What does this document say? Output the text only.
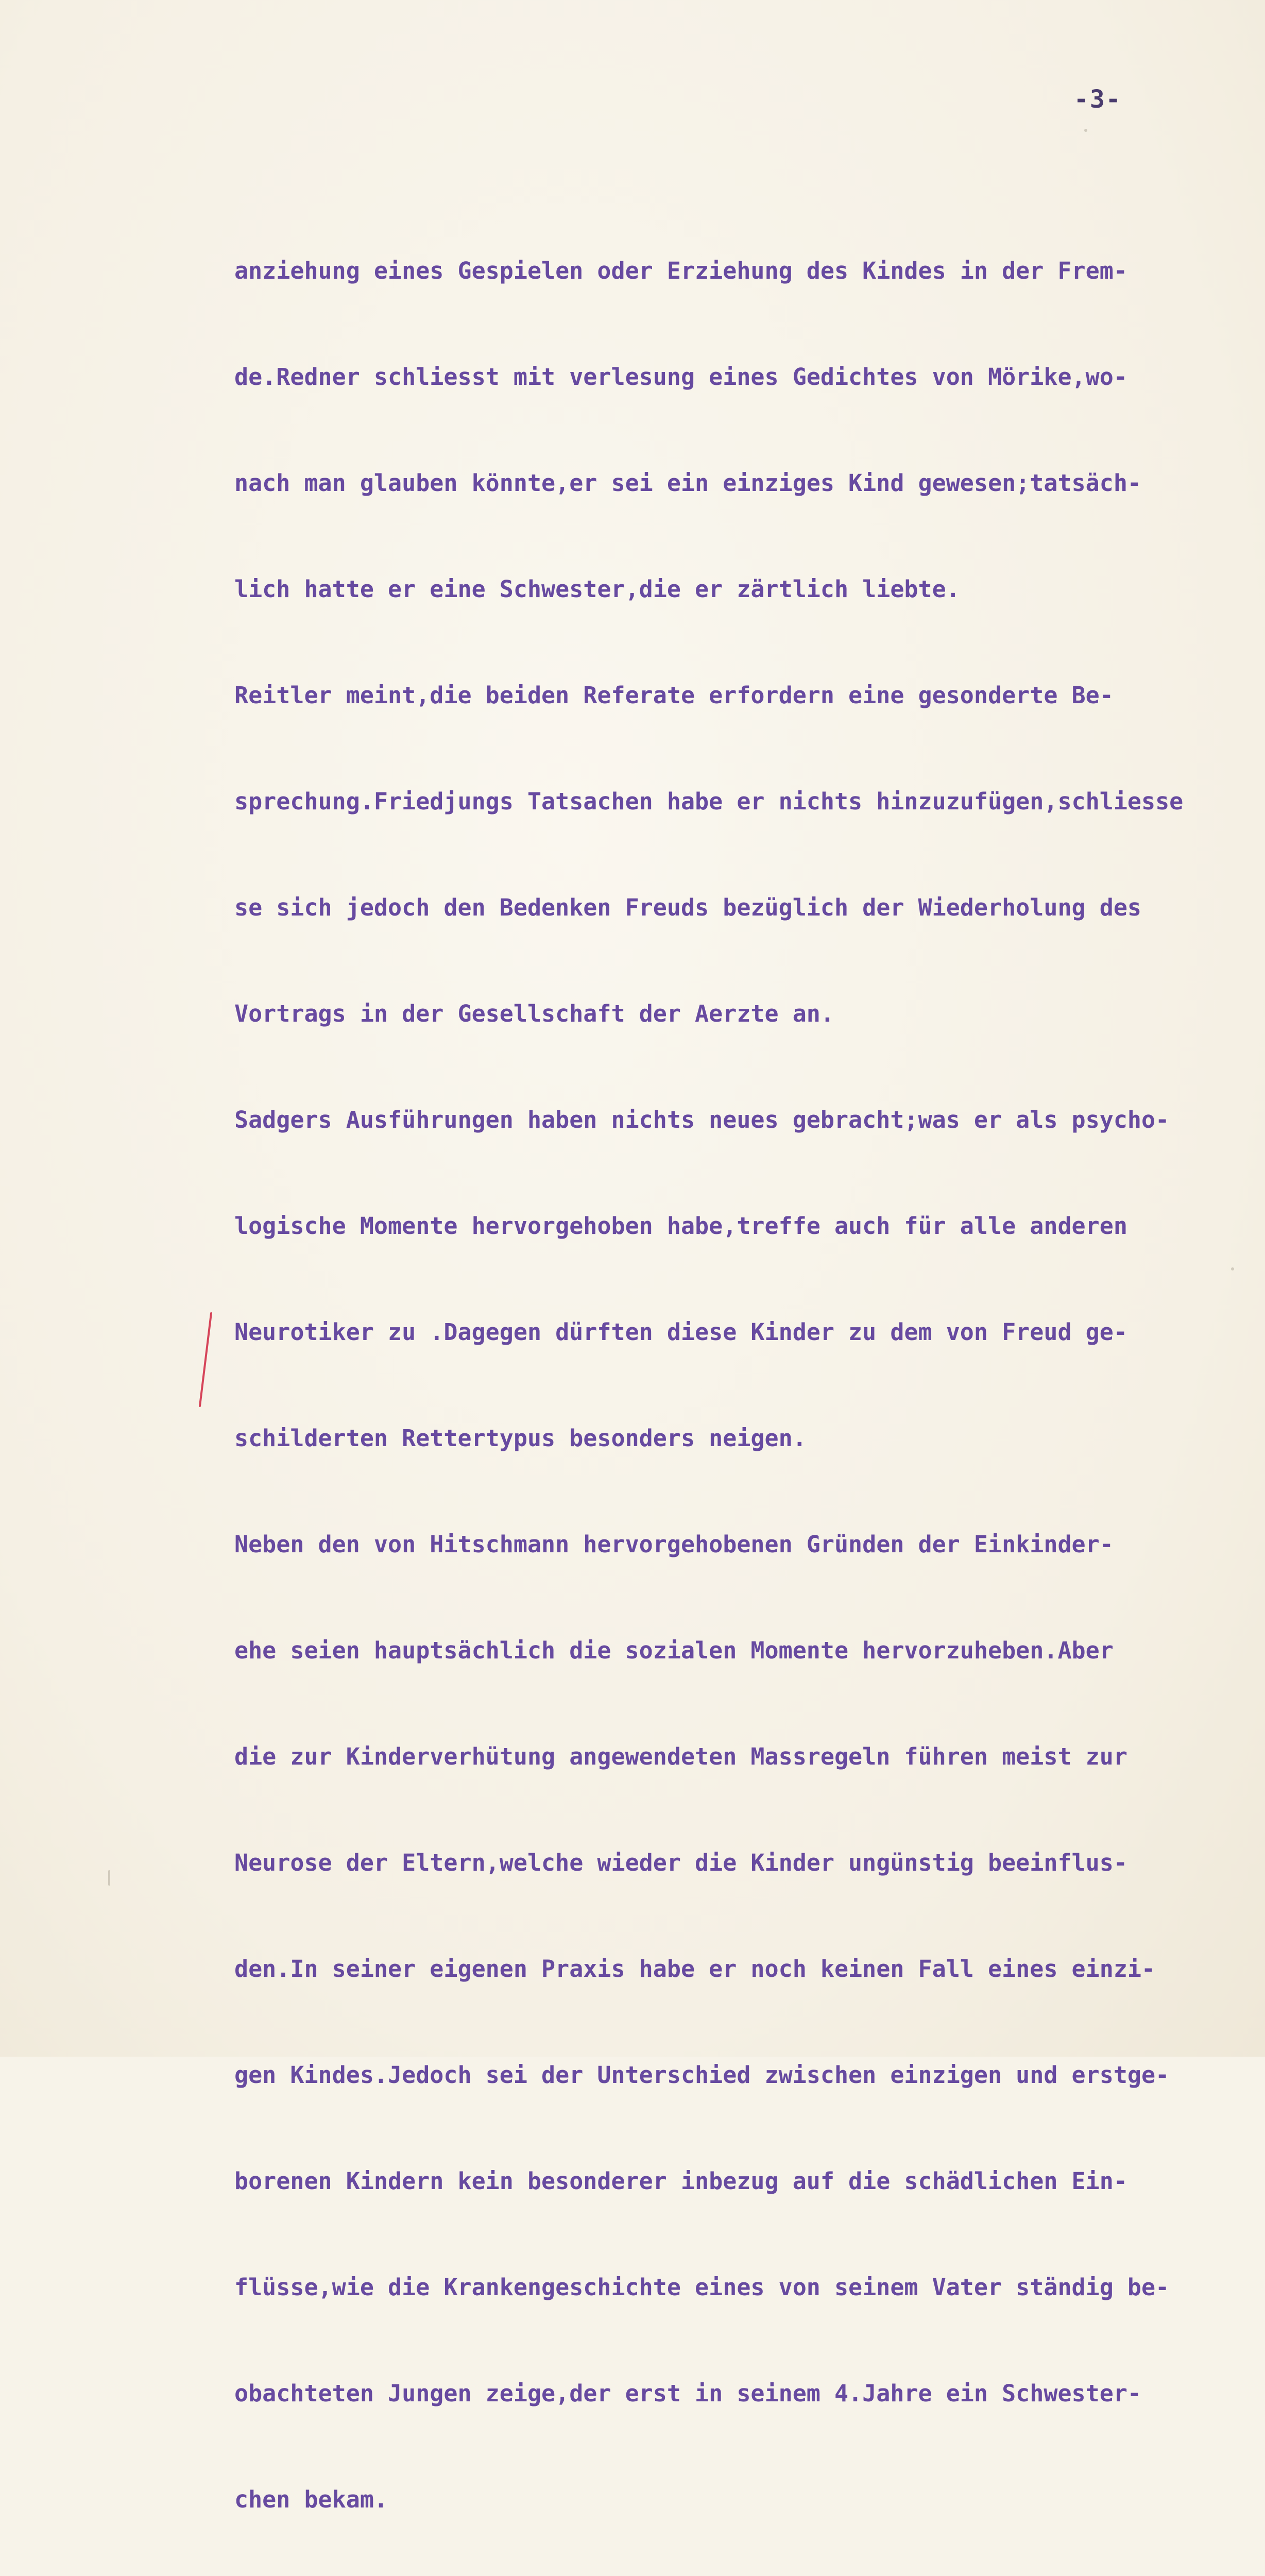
-3-

anziehung eines Gespielen oder Erziehung des Kindes in der Frem-

de.Redner schliesst mit verlesung eines Gedichtes von Mörike,wo-

nach man glauben könnte,er sei ein einziges Kind gewesen;tatsäch-

lich hatte er eine Schwester,die er zärtlich liebte.

Reitler meint,die beiden Referate erfordern eine gesonderte Be-

sprechung.Friedjungs Tatsachen habe er nichts hinzuzufügen,schliesse

se sich jedoch den Bedenken Freuds bezüglich der Wiederholung des

Vortrags in der Gesellschaft der Aerzte an.

Sadgers Ausführungen haben nichts neues gebracht;was er als psycho-

logische Momente hervorgehoben habe,treffe auch für alle anderen

Neurotiker zu .Dagegen dürften diese Kinder zu dem von Freud ge-

schilderten Rettertypus besonders neigen.

Neben den von Hitschmann hervorgehobenen Gründen der Einkinder-

ehe seien hauptsächlich die sozialen Momente hervorzuheben.Aber

die zur Kinderverhütung angewendeten Massregeln führen meist zur

Neurose der Eltern,welche wieder die Kinder ungünstig beeinflus-

den.In seiner eigenen Praxis habe er noch keinen Fall eines einzi-

gen Kindes.Jedoch sei der Unterschied zwischen einzigen und erstge-

borenen Kindern kein besonderer inbezug auf die schädlichen Ein-

flüsse,wie die Krankengeschichte eines von seinem Vater ständig be-

obachteten Jungen zeige,der erst in seinem 4.Jahre ein Schwester-

chen bekam.
